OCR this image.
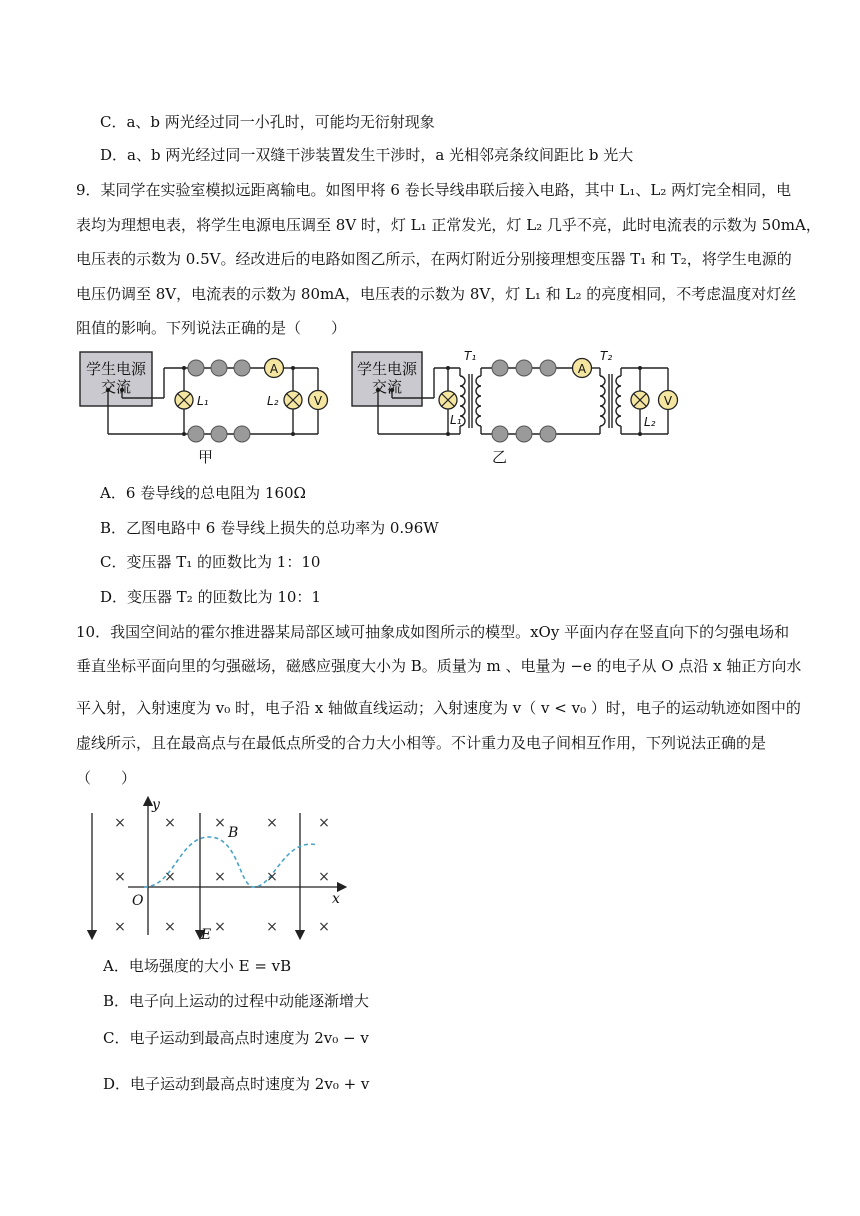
C．a、b 两光经过同一小孔时，可能均无衍射现象
D．a、b 两光经过同一双缝干涉装置发生干涉时，a 光相邻亮条纹间距比 b 光大
9．某同学在实验室模拟远距离输电。如图甲将 6 卷长导线串联后接入电路，其中 L₁、L₂ 两灯完全相同，电
表均为理想电表，将学生电源电压调至 8V 时，灯 L₁ 正常发光，灯 L₂ 几乎不亮，此时电流表的示数为 50mA，
电压表的示数为 0.5V。经改进后的电路如图乙所示，在两灯附近分别接理想变压器 T₁ 和 T₂，将学生电源的
电压仍调至 8V，电流表的示数为 80mA，电压表的示数为 8V，灯 L₁ 和 L₂ 的亮度相同，不考虑温度对灯丝
阻值的影响。下列说法正确的是（　　）
学生电源
交流
A
V
L₁	L₂
甲
学生电源
交流
A
V
L₁	L₂
T₁	T₂
乙
A．6 卷导线的总电阻为 160Ω
B．乙图电路中 6 卷导线上损失的总功率为 0.96W
C．变压器 T₁ 的匝数比为 1：10
D．变压器 T₂ 的匝数比为 10：1
10．我国空间站的霍尔推进器某局部区域可抽象成如图所示的模型。xOy 平面内存在竖直向下的匀强电场和
垂直坐标平面向里的匀强磁场，磁感应强度大小为 B。质量为 m 、电量为 −e 的电子从 O 点沿 x 轴正方向水
平入射，入射速度为 v₀ 时，电子沿 x 轴做直线运动；入射速度为 v（ v < v₀ ）时，电子的运动轨迹如图中的
虚线所示，且在最高点与在最低点所受的合力大小相等。不计重力及电子间相互作用，下列说法正确的是
（　　）
×	×	×	×	×
×	×	×	×	×
×	×	×	×	×
y
x
O
B
E
A．电场强度的大小 E = vB
B．电子向上运动的过程中动能逐渐增大
C．电子运动到最高点时速度为 2v₀ − v
D．电子运动到最高点时速度为 2v₀ + v
